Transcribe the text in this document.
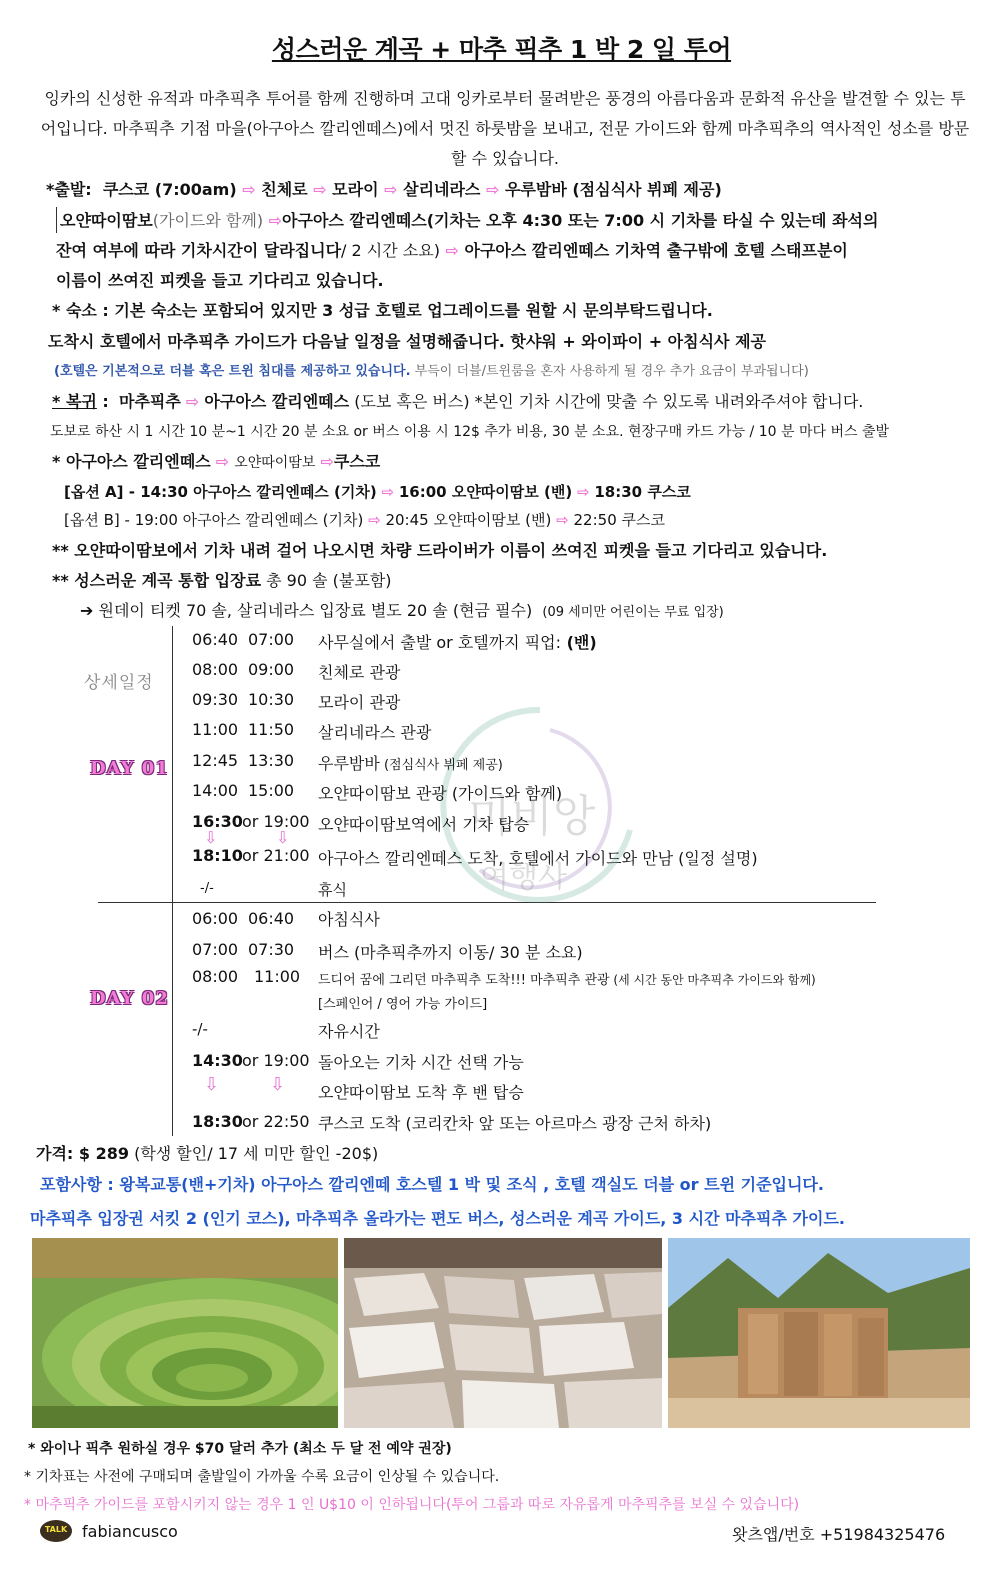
성스러운 계곡 + 마추 픽추 1 박 2 일 투어
잉카의 신성한 유적과 마추픽추 투어를 함께 진행하며 고대 잉카로부터 물려받은 풍경의 아름다움과 문화적 유산을 발견할 수 있는 투어입니다. 마추픽추 기점 마을(아구아스 깔리엔떼스)에서 멋진 하룻밤을 보내고, 전문 가이드와 함께 마추픽추의 역사적인 성소를 방문할 수 있습니다.
*출발: 쿠스코 (7:00am) ⇨ 친체로 ⇨ 모라이 ⇨ 살리네라스 ⇨ 우루밤바 (점심식사 뷔페 제공)
오얀따이땀보(가이드와 함께) ⇨아구아스 깔리엔떼스(기차는 오후 4:30 또는 7:00 시 기차를 타실 수 있는데 좌석의
잔여 여부에 따라 기차시간이 달라집니다/ 2 시간 소요) ⇨ 아구아스 깔리엔떼스 기차역 출구밖에 호텔 스태프분이
이름이 쓰여진 피켓을 들고 기다리고 있습니다.
* 숙소 : 기본 숙소는 포함되어 있지만 3 성급 호텔로 업그레이드를 원할 시 문의부탁드립니다.
도착시 호텔에서 마추픽추 가이드가 다음날 일정을 설명해줍니다. 핫샤워 + 와이파이 + 아침식사 제공
(호텔은 기본적으로 더블 혹은 트윈 침대를 제공하고 있습니다. 부득이 더블/트윈룸을 혼자 사용하게 될 경우 추가 요금이 부과됩니다)
* 복귀 : 마추픽추 ⇨ 아구아스 깔리엔떼스 (도보 혹은 버스) *본인 기차 시간에 맞출 수 있도록 내려와주셔야 합니다.
도보로 하산 시 1 시간 10 분~1 시간 20 분 소요 or 버스 이용 시 12$ 추가 비용, 30 분 소요. 현장구매 카드 가능 / 10 분 마다 버스 출발
* 아구아스 깔리엔떼스 ⇨ 오얀따이땀보 ⇨쿠스코
[옵션 A] - 14:30 아구아스 깔리엔떼스 (기차) ⇨ 16:00 오얀따이땀보 (밴) ⇨ 18:30 쿠스코
[옵션 B] - 19:00 아구아스 깔리엔떼스 (기차) ⇨ 20:45 오얀따이땀보 (밴) ⇨ 22:50 쿠스코
** 오얀따이땀보에서 기차 내려 걸어 나오시면 차량 드라이버가 이름이 쓰여진 피켓을 들고 기다리고 있습니다.
** 성스러운 계곡 통합 입장료 총 90 솔 (불포함)
➔ 원데이 티켓 70 솔, 살리네라스 입장료 별도 20 솔 (현금 필수) (09 세미만 어린이는 무료 입장)
미비앙
여행사
상세일정
DAY 01
DAY 02
06:40 07:00 사무실에서 출발 or 호텔까지 픽업: (밴)
08:00 09:00 친체로 관광
09:30 10:30 모라이 관광
11:00 11:50 살리네라스 관광
12:45 13:30 우루밤바 (점심식사 뷔페 제공)
14:00 15:00 오얀따이땀보 관광 (가이드와 함께)
16:30 or 19:00 오얀따이땀보역에서 기차 탑승
⇩	⇩
18:10 or 21:00 아구아스 깔리엔떼스 도착, 호텔에서 가이드와 만남 (일정 설명)
-/-	휴식
06:00 06:40 아침식사
07:00 07:30 버스 (마추픽추까지 이동/ 30 분 소요)
08:00 11:00 드디어 꿈에 그리던 마추픽추 도착!!! 마추픽추 관광 (세 시간 동안 마추픽추 가이드와 함께)
[스페인어 / 영어 가능 가이드]
-/-	자유시간
14:30 or 19:00 돌아오는 기차 시간 선택 가능
⇩	⇩ 오얀따이땀보 도착 후 밴 탑승
18:30 or 22:50 쿠스코 도착 (코리칸차 앞 또는 아르마스 광장 근처 하차)
가격: $ 289 (학생 할인/ 17 세 미만 할인 -20$)
포함사항 : 왕복교통(밴+기차) 아구아스 깔리엔떼 호스텔 1 박 및 조식 , 호텔 객실도 더블 or 트윈 기준입니다.
마추픽추 입장권 서킷 2 (인기 코스), 마추픽추 올라가는 편도 버스, 성스러운 계곡 가이드, 3 시간 마추픽추 가이드.
* 와이나 픽추 원하실 경우 $70 달러 추가 (최소 두 달 전 예약 권장)
* 기차표는 사전에 구매되며 출발일이 가까울 수록 요금이 인상될 수 있습니다.
* 마추픽추 가이드를 포함시키지 않는 경우 1 인 U$10 이 인하됩니다(투어 그룹과 따로 자유롭게 마추픽추를 보실 수 있습니다)
TALK fabiancusco	왓츠앱/번호 +51984325476
